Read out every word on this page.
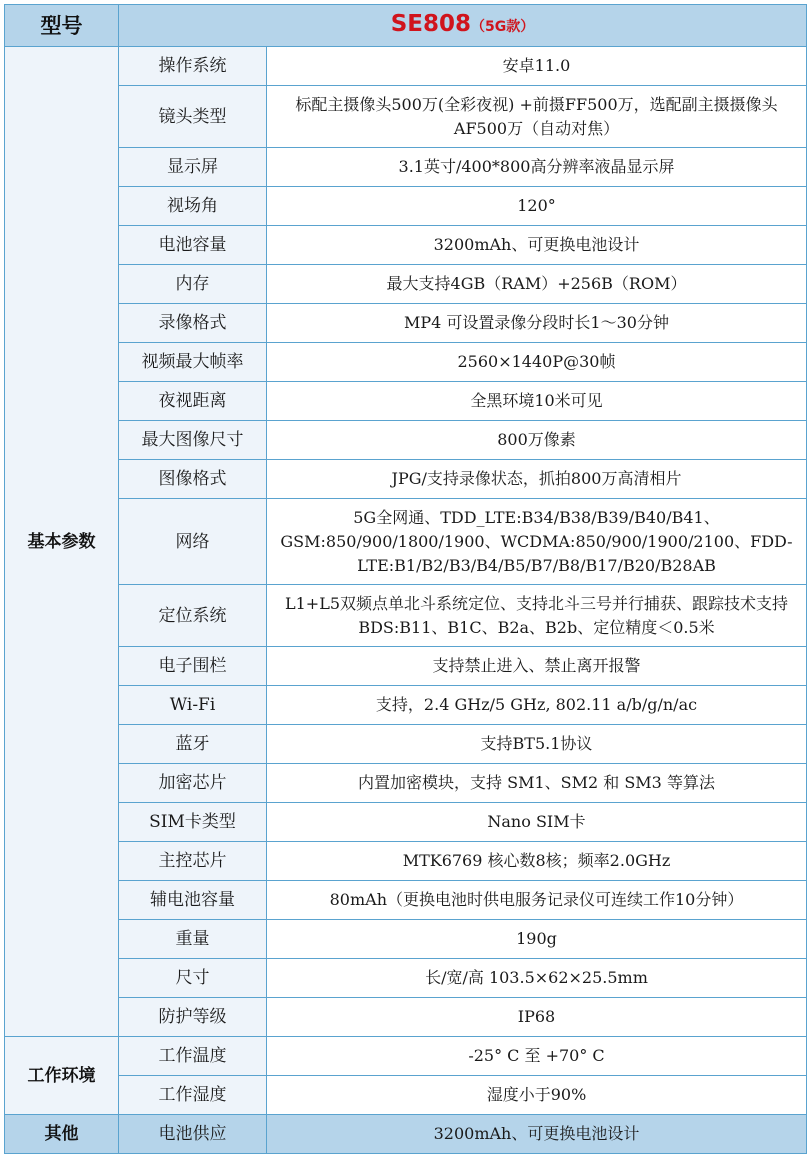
型号	SE808（5G款）	
基本参数	操作系统	安卓11.0
	镜头类型	标配主摄像头500万(全彩夜视) +前摄FF500万，选配副主摄摄像头AF500万（自动对焦）
	显示屏	3.1英寸/400*800高分辨率液晶显示屏
	视场角	120°
	电池容量	3200mAh、可更换电池设计
	内存	最大支持4GB（RAM）+256B（ROM）
	录像格式	MP4 可设置录像分段时长1～30分钟
	视频最大帧率	2560×1440P@30帧
	夜视距离	全黑环境10米可见
	最大图像尺寸	800万像素
	图像格式	JPG/支持录像状态，抓拍800万高清相片
	网络	5G全网通、TDD_LTE:B34/B38/B39/B40/B41、GSM:850/900/1800/1900、WCDMA:850/900/1900/2100、FDD-LTE:B1/B2/B3/B4/B5/B7/B8/B17/B20/B28AB
	定位系统	L1+L5双频点单北斗系统定位、支持北斗三号并行捕获、跟踪技术支持 BDS:B11、B1C、B2a、B2b、定位精度＜0.5米
	电子围栏	支持禁止进入、禁止离开报警
	Wi-Fi	支持，2.4 GHz/5 GHz, 802.11 a/b/g/n/ac
	蓝牙	支持BT5.1协议
	加密芯片	内置加密模块，支持 SM1、SM2 和 SM3 等算法
	SIM卡类型	Nano SIM卡
	主控芯片	MTK6769 核心数8核；频率2.0GHz
	辅电池容量	80mAh（更换电池时供电服务记录仪可连续工作10分钟）
	重量	190g
	尺寸	长/宽/高 103.5×62×25.5mm
	防护等级	IP68
工作环境	工作温度	-25° C 至 +70° C
	工作湿度	湿度小于90%
其他	电池供应	3200mAh、可更换电池设计
